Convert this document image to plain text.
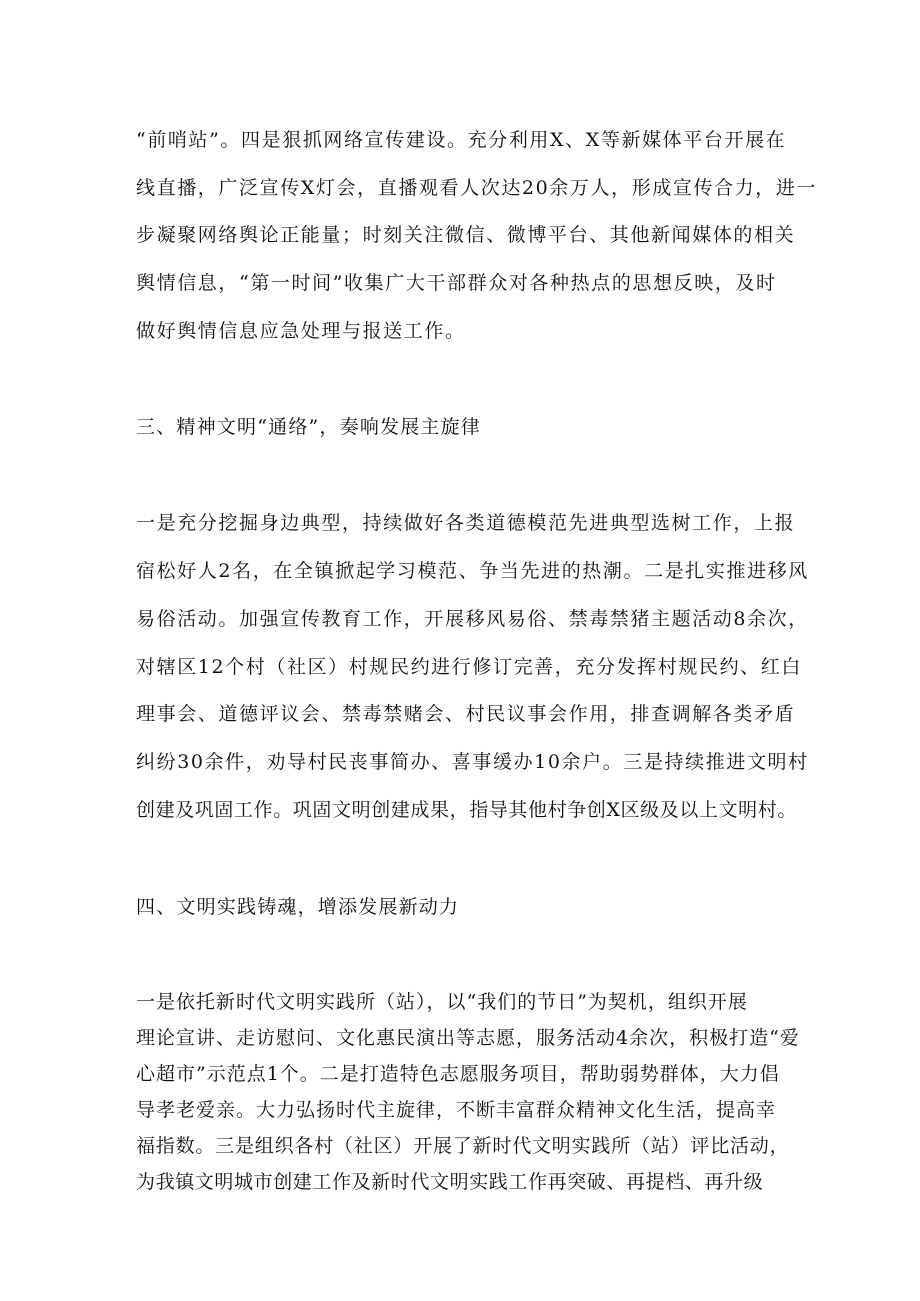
“前哨站”。四是狠抓网络宣传建设。充分利用X、X等新媒体平台开展在
线直播，广泛宣传X灯会，直播观看人次达20余万人，形成宣传合力，进一
步凝聚网络舆论正能量；时刻关注微信、微博平台、其他新闻媒体的相关
舆情信息，“第一时间”收集广大干部群众对各种热点的思想反映，及时
做好舆情信息应急处理与报送工作。
三、精神文明“通络”，奏响发展主旋律
一是充分挖掘身边典型，持续做好各类道德模范先进典型选树工作，上报
宿松好人2名，在全镇掀起学习模范、争当先进的热潮。二是扎实推进移风
易俗活动。加强宣传教育工作，开展移风易俗、禁毒禁猪主题活动8余次，
对辖区12个村（社区）村规民约进行修订完善，充分发挥村规民约、红白
理事会、道德评议会、禁毒禁赌会、村民议事会作用，排查调解各类矛盾
纠纷30余件，劝导村民丧事简办、喜事缓办10余户。三是持续推进文明村
创建及巩固工作。巩固文明创建成果，指导其他村争创X区级及以上文明村。
四、文明实践铸魂，增添发展新动力
一是依托新时代文明实践所（站），以“我们的节日”为契机，组织开展
理论宣讲、走访慰问、文化惠民演出等志愿，服务活动4余次，积极打造“爱
心超市”示范点1个。二是打造特色志愿服务项目，帮助弱势群体，大力倡
导孝老爱亲。大力弘扬时代主旋律，不断丰富群众精神文化生活，提高幸
福指数。三是组织各村（社区）开展了新时代文明实践所（站）评比活动，
为我镇文明城市创建工作及新时代文明实践工作再突破、再提档、再升级
